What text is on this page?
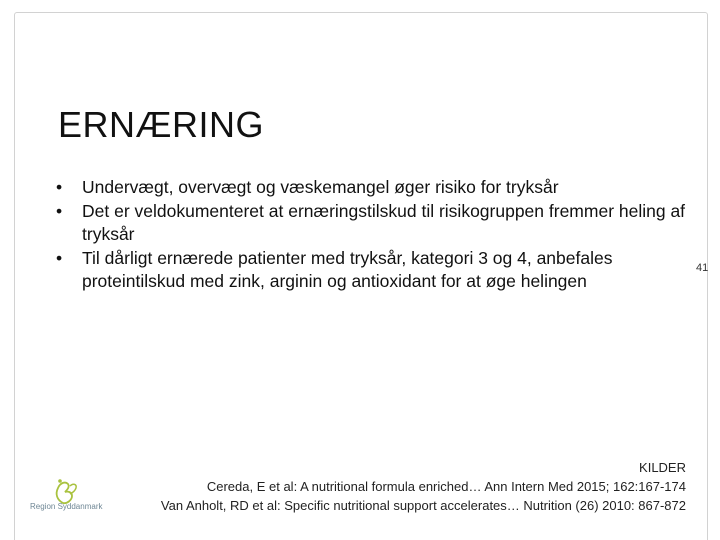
ERNÆRING
• Undervægt, overvægt og væskemangel øger risiko for tryksår
• Det er veldokumenteret at ernæringstilskud til risikogruppen fremmer heling af tryksår
• Til dårligt ernærede patienter med tryksår, kategori 3 og 4, anbefales proteintilskud med zink, arginin og antioxidant for at øge helingen
41
KILDER
Cereda, E et al: A nutritional formula enriched… Ann Intern Med 2015; 162:167-174
Van Anholt, RD et al: Specific nutritional support accelerates… Nutrition (26) 2010: 867-872
Region Syddanmark
